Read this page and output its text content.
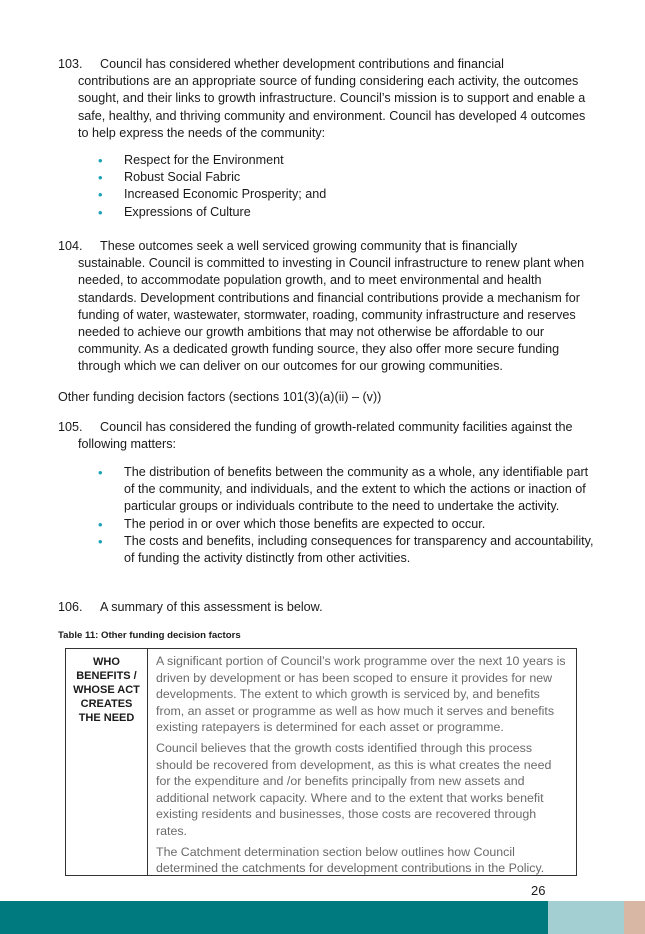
103. Council has considered whether development contributions and financial
contributions are an appropriate source of funding considering each activity, the outcomes sought, and their links to growth infrastructure. Council’s mission is to support and enable a safe, healthy, and thriving community and environment. Council has developed 4 outcomes to help express the needs of the community:
• Respect for the Environment
• Robust Social Fabric
• Increased Economic Prosperity; and
• Expressions of Culture
104. These outcomes seek a well serviced growing community that is financially
sustainable. Council is committed to investing in Council infrastructure to renew plant when needed, to accommodate population growth, and to meet environmental and health standards. Development contributions and financial contributions provide a mechanism for funding of water, wastewater, stormwater, roading, community infrastructure and reserves needed to achieve our growth ambitions that may not otherwise be affordable to our community. As a dedicated growth funding source, they also offer more secure funding through which we can deliver on our outcomes for our growing communities.
Other funding decision factors (sections 101(3)(a)(ii) – (v))
105. Council has considered the funding of growth-related community facilities against the
following matters:
• The distribution of benefits between the community as a whole, any identifiable part of the community, and individuals, and the extent to which the actions or inaction of particular groups or individuals contribute to the need to undertake the activity.
• The period in or over which those benefits are expected to occur.
• The costs and benefits, including consequences for transparency and accountability, of funding the activity distinctly from other activities.
106. A summary of this assessment is below.
Table 11: Other funding decision factors
WHO
BENEFITS /
WHOSE ACT
CREATES
THE NEED

A significant portion of Council’s work programme over the next 10 years is driven by development or has been scoped to ensure it provides for new developments. The extent to which growth is serviced by, and benefits from, an asset or programme as well as how much it serves and benefits existing ratepayers is determined for each asset or programme.

Council believes that the growth costs identified through this process should be recovered from development, as this is what creates the need for the expenditure and /or benefits principally from new assets and additional network capacity. Where and to the extent that works benefit existing residents and businesses, those costs are recovered through rates.

The Catchment determination section below outlines how Council determined the catchments for development contributions in the Policy.

26
